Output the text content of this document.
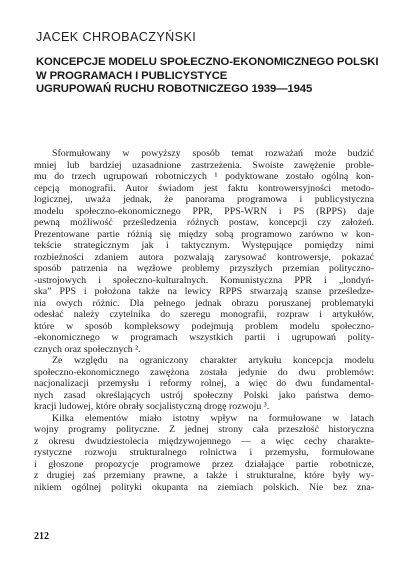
JACEK CHROBACZYŃSKI
KONCEPCJE MODELU SPOŁECZNO-EKONOMICZNEGO POLSKI
W PROGRAMACH I PUBLICYSTYCE
UGRUPOWAŃ RUCHU ROBOTNICZEGO 1939—1945
Sformułowany w powyższy sposób temat rozważań może budzić
mniej lub bardziej uzasadnione zastrzeżenia. Swoiste zawężenie proble-
mu do trzech ugrupowań robotniczych ¹ podyktowane zostało ogólną kon-
cepcją monografii. Autor świadom jest faktu kontrowersyjności metodo-
logicznej, uważa jednak, że panorama programowa i publicystyczna
modelu społeczno-ekonomicznego PPR, PPS-WRN i PS (RPPS) daje
pewną możliwość prześledzenia różnych postaw, koncepcji czy założeń.
Prezentowane partie różnią się między sobą programowo zarówno w kon-
tekście strategicznym jak i taktycznym. Występujące pomiędzy nimi
rozbieżności zdaniem autora pozwalają zarysować kontrowersje, pokazać
sposób patrzenia na węzłowe problemy przyszłych przemian polityczno-
-ustrojowych i społeczno-kulturalnych. Komunistyczna PPR i „londyń-
ska” PPS i położona także na lewicy RPPS stwarzają szanse prześledze-
nia owych różnic. Dla pełnego jednak obrazu poruszanej problematyki
odesłać należy czytelnika do szeregu monografii, rozpraw i artykułów,
które w sposób kompleksowy podejmują problem modelu społeczno-
-ekonomicznego w programach wszystkich partii i ugrupowań polity-
cznych oraz społecznych ².
Ze względu na ograniczony charakter artykułu koncepcja modelu
społeczno-ekonomicznego zawężona została jedynie do dwu problemów:
nacjonalizacji przemysłu i reformy rolnej, a więc do dwu fundamental-
nych zasad określających ustrój społeczny Polski jako państwa demo-
kracji ludowej, które obrały socjalistyczną drogę rozwoju ³.
Kilka elementów miało istotny wpływ na formułowane w latach
wojny programy polityczne. Z jednej strony cała przeszłość historyczna
z okresu dwudziestolecia międzywojennego — a więc cechy charakte-
rystyczne rozwoju strukturalnego rolnictwa i przemysłu, formułowane
i głoszone propozycje programowe przez działające partie robotnicze,
z drugiej zaś przemiany prawne, a także i strukturalne, które były wy-
nikiem ogólnej polityki okupanta na ziemiach polskich. Nie bez zna-
212
